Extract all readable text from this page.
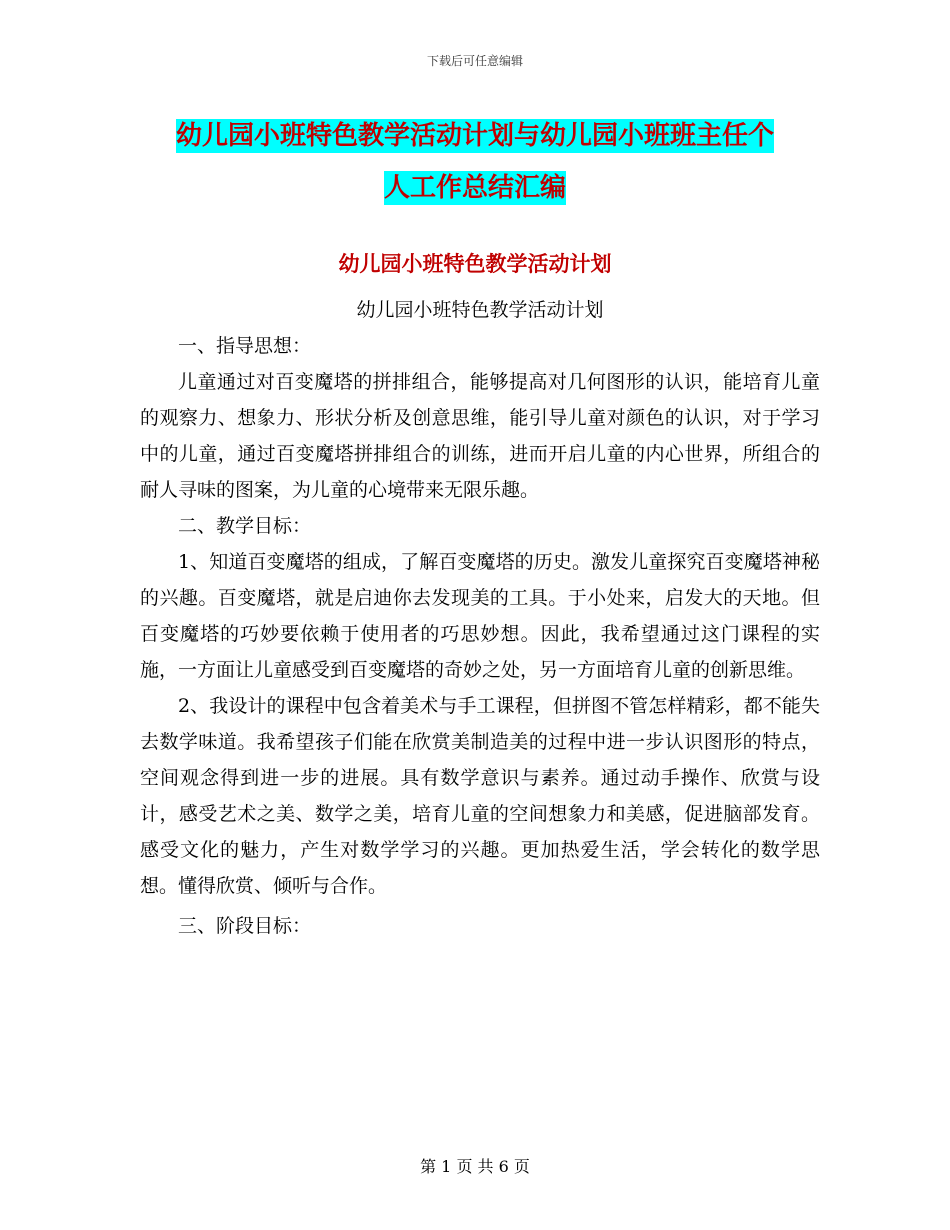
下载后可任意编辑
幼儿园小班特色教学活动计划与幼儿园小班班主任个
人工作总结汇编
幼儿园小班特色教学活动计划

幼儿园小班特色教学活动计划

一、指导思想：

儿童通过对百变魔塔的拼排组合，能够提高对几何图形的认识，能培育儿童的观察力、想象力、形状分析及创意思维，能引导儿童对颜色的认识，对于学习中的儿童，通过百变魔塔拼排组合的训练，进而开启儿童的内心世界，所组合的耐人寻味的图案，为儿童的心境带来无限乐趣。

二、教学目标：

1、知道百变魔塔的组成，了解百变魔塔的历史。激发儿童探究百变魔塔神秘的兴趣。百变魔塔，就是启迪你去发现美的工具。于小处来，启发大的天地。但百变魔塔的巧妙要依赖于使用者的巧思妙想。因此，我希望通过这门课程的实施，一方面让儿童感受到百变魔塔的奇妙之处，另一方面培育儿童的创新思维。

2、我设计的课程中包含着美术与手工课程，但拼图不管怎样精彩，都不能失去数学味道。我希望孩子们能在欣赏美制造美的过程中进一步认识图形的特点，空间观念得到进一步的进展。具有数学意识与素养。通过动手操作、欣赏与设计，感受艺术之美、数学之美，培育儿童的空间想象力和美感，促进脑部发育。感受文化的魅力，产生对数学学习的兴趣。更加热爱生活，学会转化的数学思想。懂得欣赏、倾听与合作。

三、阶段目标：

第 1 页 共 6 页
